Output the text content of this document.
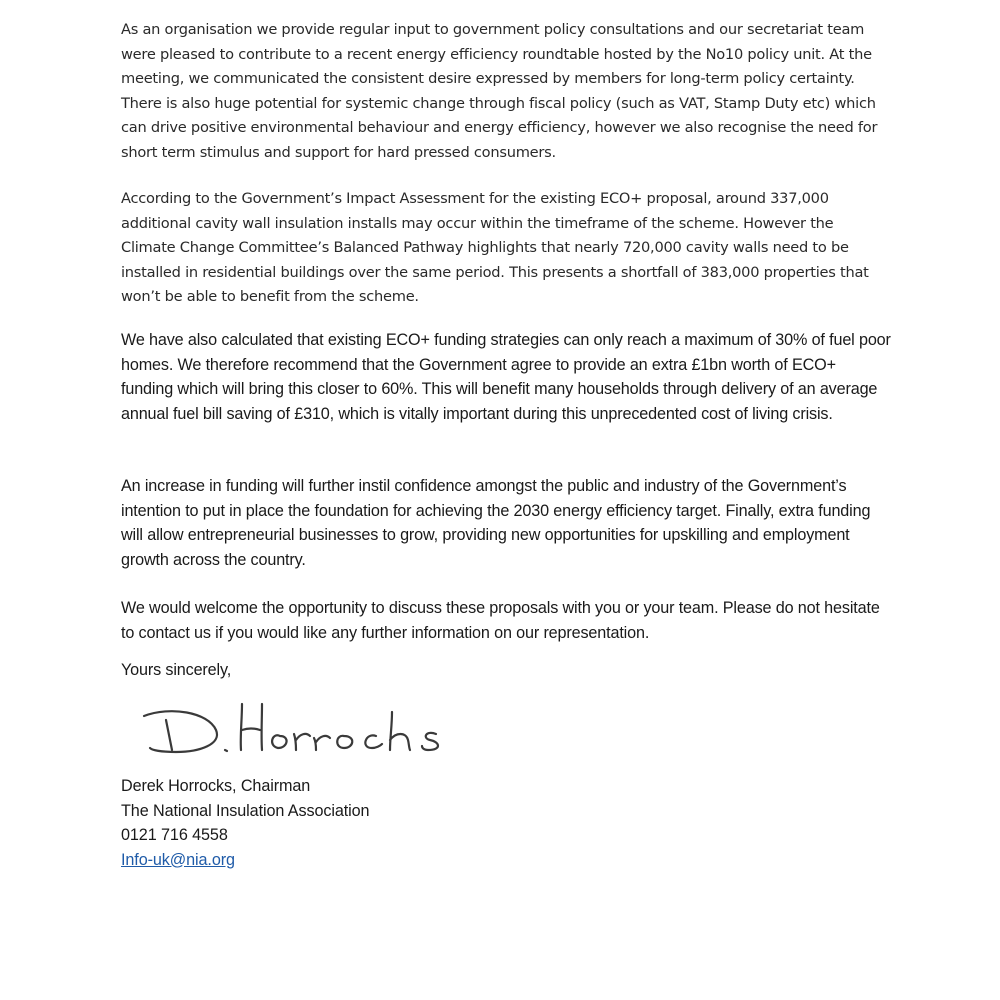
As an organisation we provide regular input to government policy consultations and our secretariat team were pleased to contribute to a recent energy efficiency roundtable hosted by the No10 policy unit. At the meeting, we communicated the consistent desire expressed by members for long-term policy certainty. There is also huge potential for systemic change through fiscal policy (such as VAT, Stamp Duty etc) which can drive positive environmental behaviour and energy efficiency, however we also recognise the need for short term stimulus and support for hard pressed consumers.

According to the Government’s Impact Assessment for the existing ECO+ proposal, around 337,000 additional cavity wall insulation installs may occur within the timeframe of the scheme. However the Climate Change Committee’s Balanced Pathway highlights that nearly 720,000 cavity walls need to be installed in residential buildings over the same period. This presents a shortfall of 383,000 properties that won’t be able to benefit from the scheme.

We have also calculated that existing ECO+ funding strategies can only reach a maximum of 30% of fuel poor homes. We therefore recommend that the Government agree to provide an extra £1bn worth of ECO+ funding which will bring this closer to 60%. This will benefit many households through delivery of an average annual fuel bill saving of £310, which is vitally important during this unprecedented cost of living crisis.

An increase in funding will further instil confidence amongst the public and industry of the Government’s intention to put in place the foundation for achieving the 2030 energy efficiency target. Finally, extra funding will allow entrepreneurial businesses to grow, providing new opportunities for upskilling and employment growth across the country.

We would welcome the opportunity to discuss these proposals with you or your team. Please do not hesitate to contact us if you would like any further information on our representation.

Yours sincerely,

Derek Horrocks, Chairman
The National Insulation Association
0121 716 4558
Info-uk@nia.org
